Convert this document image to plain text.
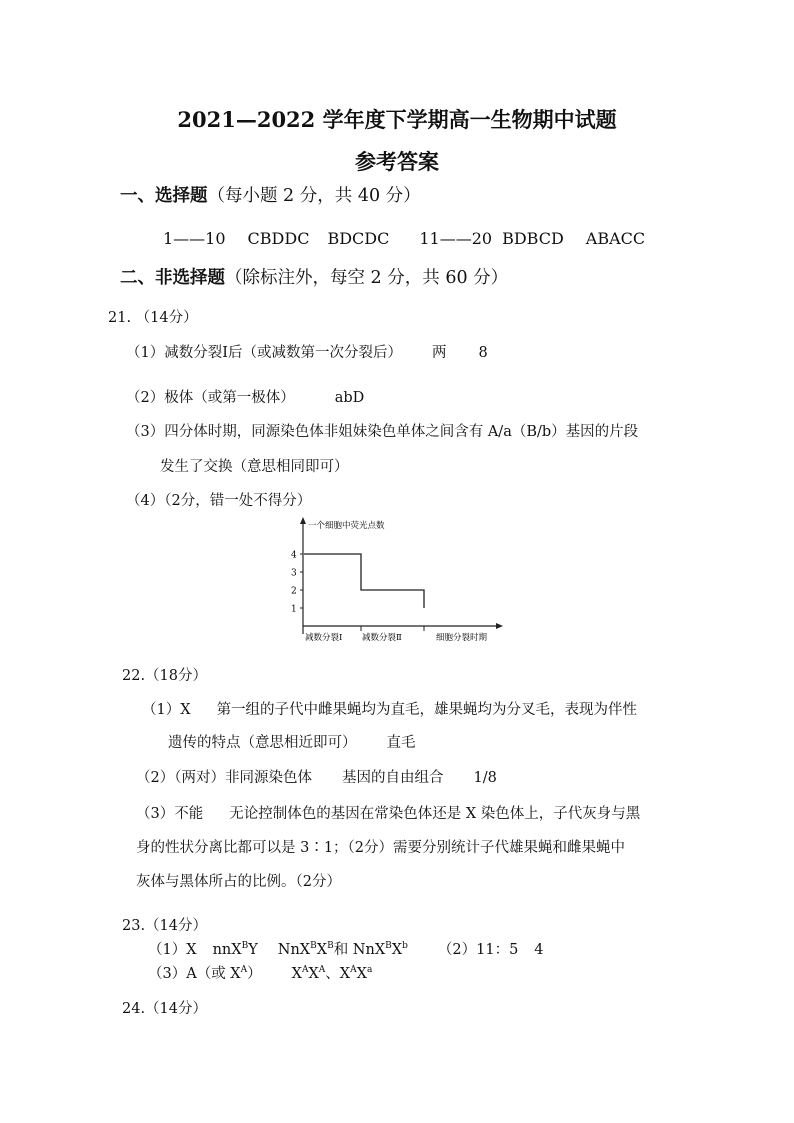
2021—2022 学年度下学期高一生物期中试题
参考答案
一、选择题（每小题 2 分，共 40 分）
1——10 CBDDC BDCDC 11——20 BDBCD ABACC
二、非选择题（除标注外，每空 2 分，共 60 分）
21. （14分）
（1）减数分裂Ⅰ后（或减数第一次分裂后） 两 8
（2）极体（或第一极体）	abD
（3）四分体时期，同源染色体非姐妹染色单体之间含有 A/a（B/b）基因的片段
发生了交换（意思相同即可）
（4）（2分，错一处不得分）
一个细胞中荧光点数
1
2
3
4
减数分裂Ⅰ 减数分裂Ⅱ	细胞分裂时期
22.（18分）
（1）X 第一组的子代中雌果蝇均为直毛，雄果蝇均为分叉毛，表现为伴性
遗传的特点（意思相近即可） 直毛
（2）（两对）非同源染色体 基因的自由组合 1/8
（3）不能 无论控制体色的基因在常染色体还是 X 染色体上，子代灰身与黑
身的性状分离比都可以是 3∶1；（2分）需要分别统计子代雄果蝇和雌果蝇中
灰体与黑体所占的比例。（2分）
23.（14分）
（1）X nnX$^B$Y $NnX^BX^B$和 $NnX^BX^b$ （2）11：5 4
（3）A（或 $X^A$） $X^AX^A$、$X^AX^a$
24.（14分）
